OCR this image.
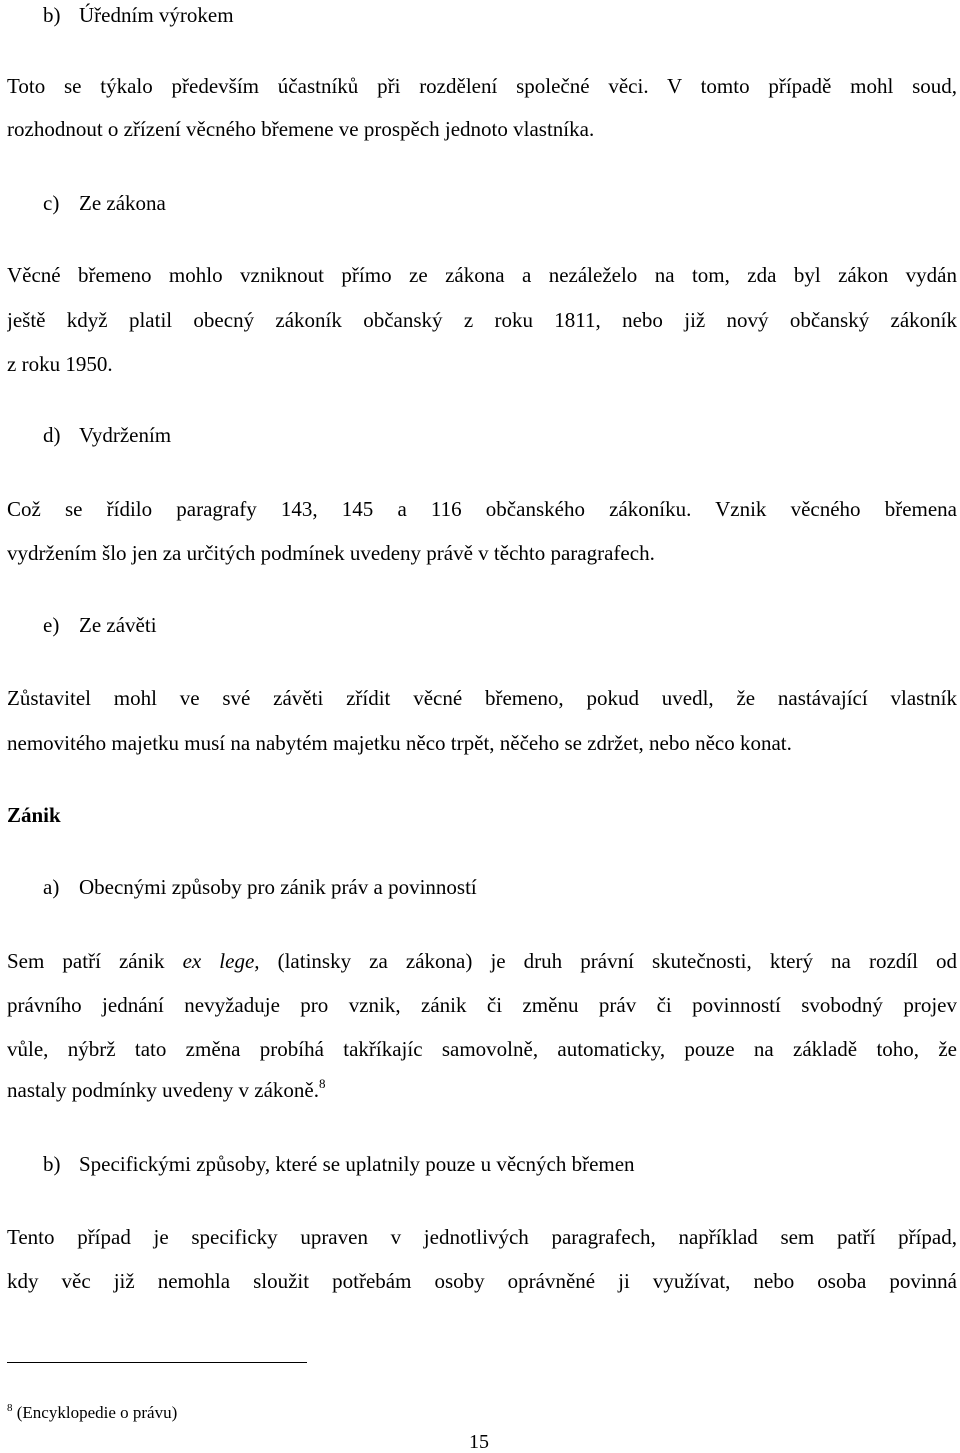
b) Úředním výrokem
Toto se týkalo především účastníků při rozdělení společné věci. V tomto případě mohl soud,
rozhodnout o zřízení věcného břemene ve prospěch jednoto vlastníka.
c) Ze zákona
Věcné břemeno mohlo vzniknout přímo ze zákona a nezáleželo na tom, zda byl zákon vydán
ještě když platil obecný zákoník občanský z roku 1811, nebo již nový občanský zákoník
z roku 1950.
d) Vydržením
Což se řídilo paragrafy 143, 145 a 116 občanského zákoníku. Vznik věcného břemena
vydržením šlo jen za určitých podmínek uvedeny právě v těchto paragrafech.
e) Ze závěti
Zůstavitel mohl ve své závěti zřídit věcné břemeno, pokud uvedl, že nastávající vlastník
nemovitého majetku musí na nabytém majetku něco trpět, něčeho se zdržet, nebo něco konat.
Zánik
a) Obecnými způsoby pro zánik práv a povinností
Sem patří zánik ex lege, (latinsky za zákona) je druh právní skutečnosti, který na rozdíl od
právního jednání nevyžaduje pro vznik, zánik či změnu práv či povinností svobodný projev
vůle, nýbrž tato změna probíhá takříkajíc samovolně, automaticky, pouze na základě toho, že
nastaly podmínky uvedeny v zákoně.$^8$
b) Specifickými způsoby, které se uplatnily pouze u věcných břemen
Tento případ je specificky upraven v jednotlivých paragrafech, například sem patří případ,
kdy věc již nemohla sloužit potřebám osoby oprávněné ji využívat, nebo osoba povinná
$^8$ (Encyklopedie o právu)
15
